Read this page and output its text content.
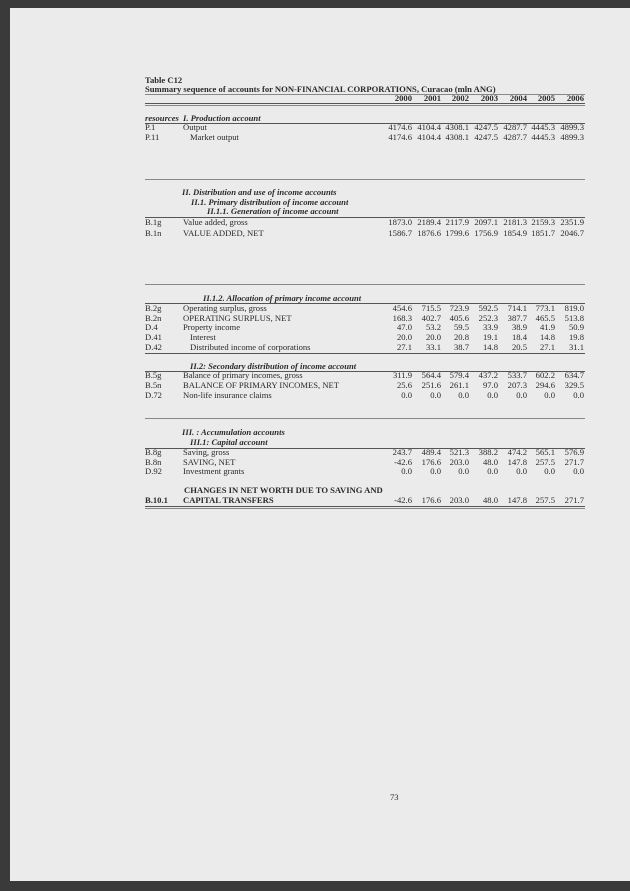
Table C12
Summary sequence of accounts for NON-FINANCIAL CORPORATIONS, Curacao (mln ANG)
2000	2001	2002	2003	2004	2005	2006
resources I. Production account
II. Distribution and use of income accounts
II.1. Primary distribution of income account
II.1.1. Generation of income account
II.1.2. Allocation of primary income account
II.2: Secondary distribution of income account
III. : Accumulation accounts
III.1: Capital account
CHANGES IN NET WORTH DUE TO SAVING AND
P.1	Output	4174.6 4104.4 4308.1 4247.5 4287.7 4445.3 4899.3
P.11	Market output	4174.6 4104.4 4308.1 4247.5 4287.7 4445.3 4899.3
B.1g	Value added, gross	1873.0 2189.4 2117.9 2097.1 2181.3 2159.3 2351.9
B.1n	VALUE ADDED, NET	1586.7 1876.6 1799.6 1756.9 1854.9 1851.7 2046.7
B.2g	Operating surplus, gross	454.6	715.5	723.9	592.5	714.1	773.1	819.0
B.2n	OPERATING SURPLUS, NET	168.3	402.7	405.6	252.3	387.7	465.5	513.8
D.4	Property income	47.0	53.2	59.5	33.9	38.9	41.9	50.9
D.41	Interest	20.0	20.0	20.8	19.1	18.4	14.8	19.8
D.42	Distributed income of corporations	27.1	33.1	38.7	14.8	20.5	27.1	31.1
B.5g	Balance of primary incomes, gross	311.9	564.4	579.4	437.2	533.7	602.2	634.7
B.5n	BALANCE OF PRIMARY INCOMES, NET	25.6	251.6	261.1	97.0	207.3	294.6	329.5
D.72 Non-life insurance claims	0.0	0.0	0.0	0.0	0.0	0.0	0.0
B.8g	Saving, gross	243.7	489.4	521.3	388.2	474.2	565.1	576.9
B.8n	SAVING, NET	-42.6	176.6	203.0	48.0	147.8	257.5	271.7
D.92 Investment grants	0.0	0.0	0.0	0.0	0.0	0.0	0.0
B.10.1 CAPITAL TRANSFERS	-42.6	176.6	203.0	48.0	147.8	257.5	271.7
73
